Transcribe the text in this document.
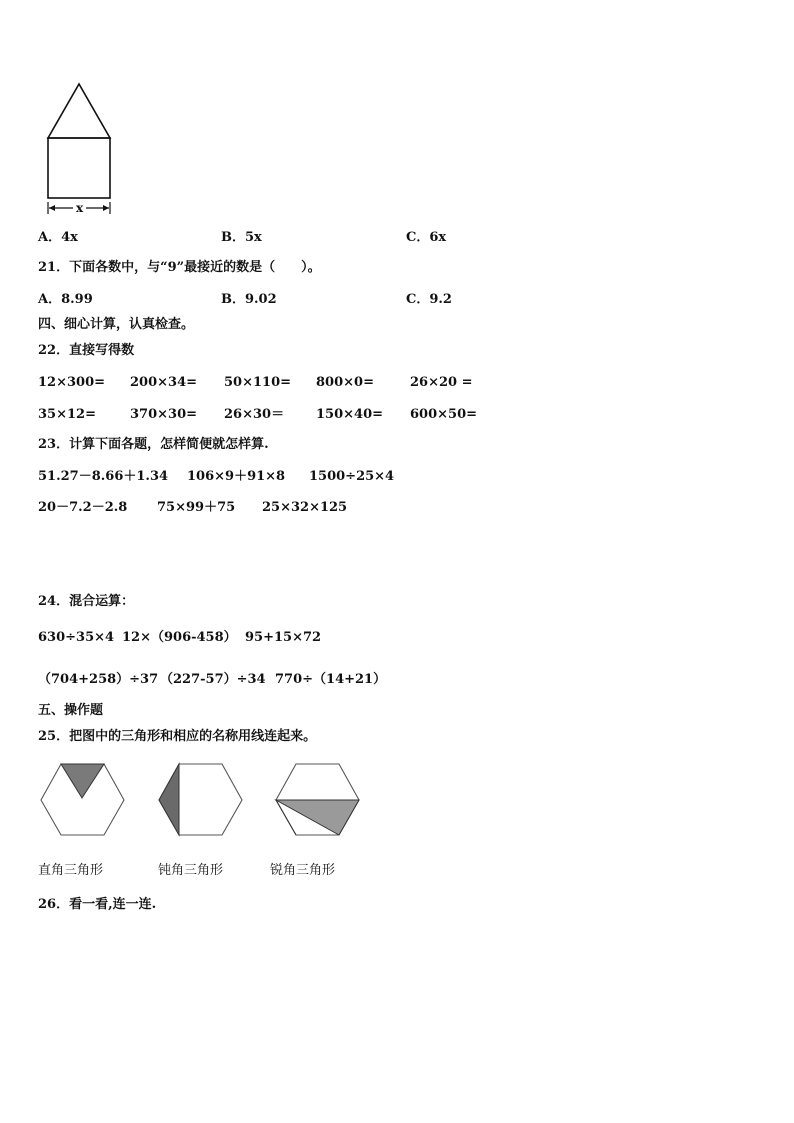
x
A．4x	B．5x	C．6x
21．下面各数中，与“9”最接近的数是（　　）。
A．8.99	B．9.02	C．9.2
四、细心计算，认真检查。
22．直接写得数
12×300= 200×34= 50×110= 800×0=	26×20 =
35×12=	370×30= 26×30＝ 150×40= 600×50=
23．计算下面各题，怎样简便就怎样算.
51.27－8.66＋1.34 106×9＋91×8 1500÷25×4
20－7.2－2.8 75×99＋75 25×32×125
24．混合运算：
630÷35×4 12×（906-458） 95+15×72
（704+258）÷37 （227-57）÷34 770÷（14+21）
五、操作题
25．把图中的三角形和相应的名称用线连起来。
直角三角形	钝角三角形	锐角三角形
26．看一看,连一连.
